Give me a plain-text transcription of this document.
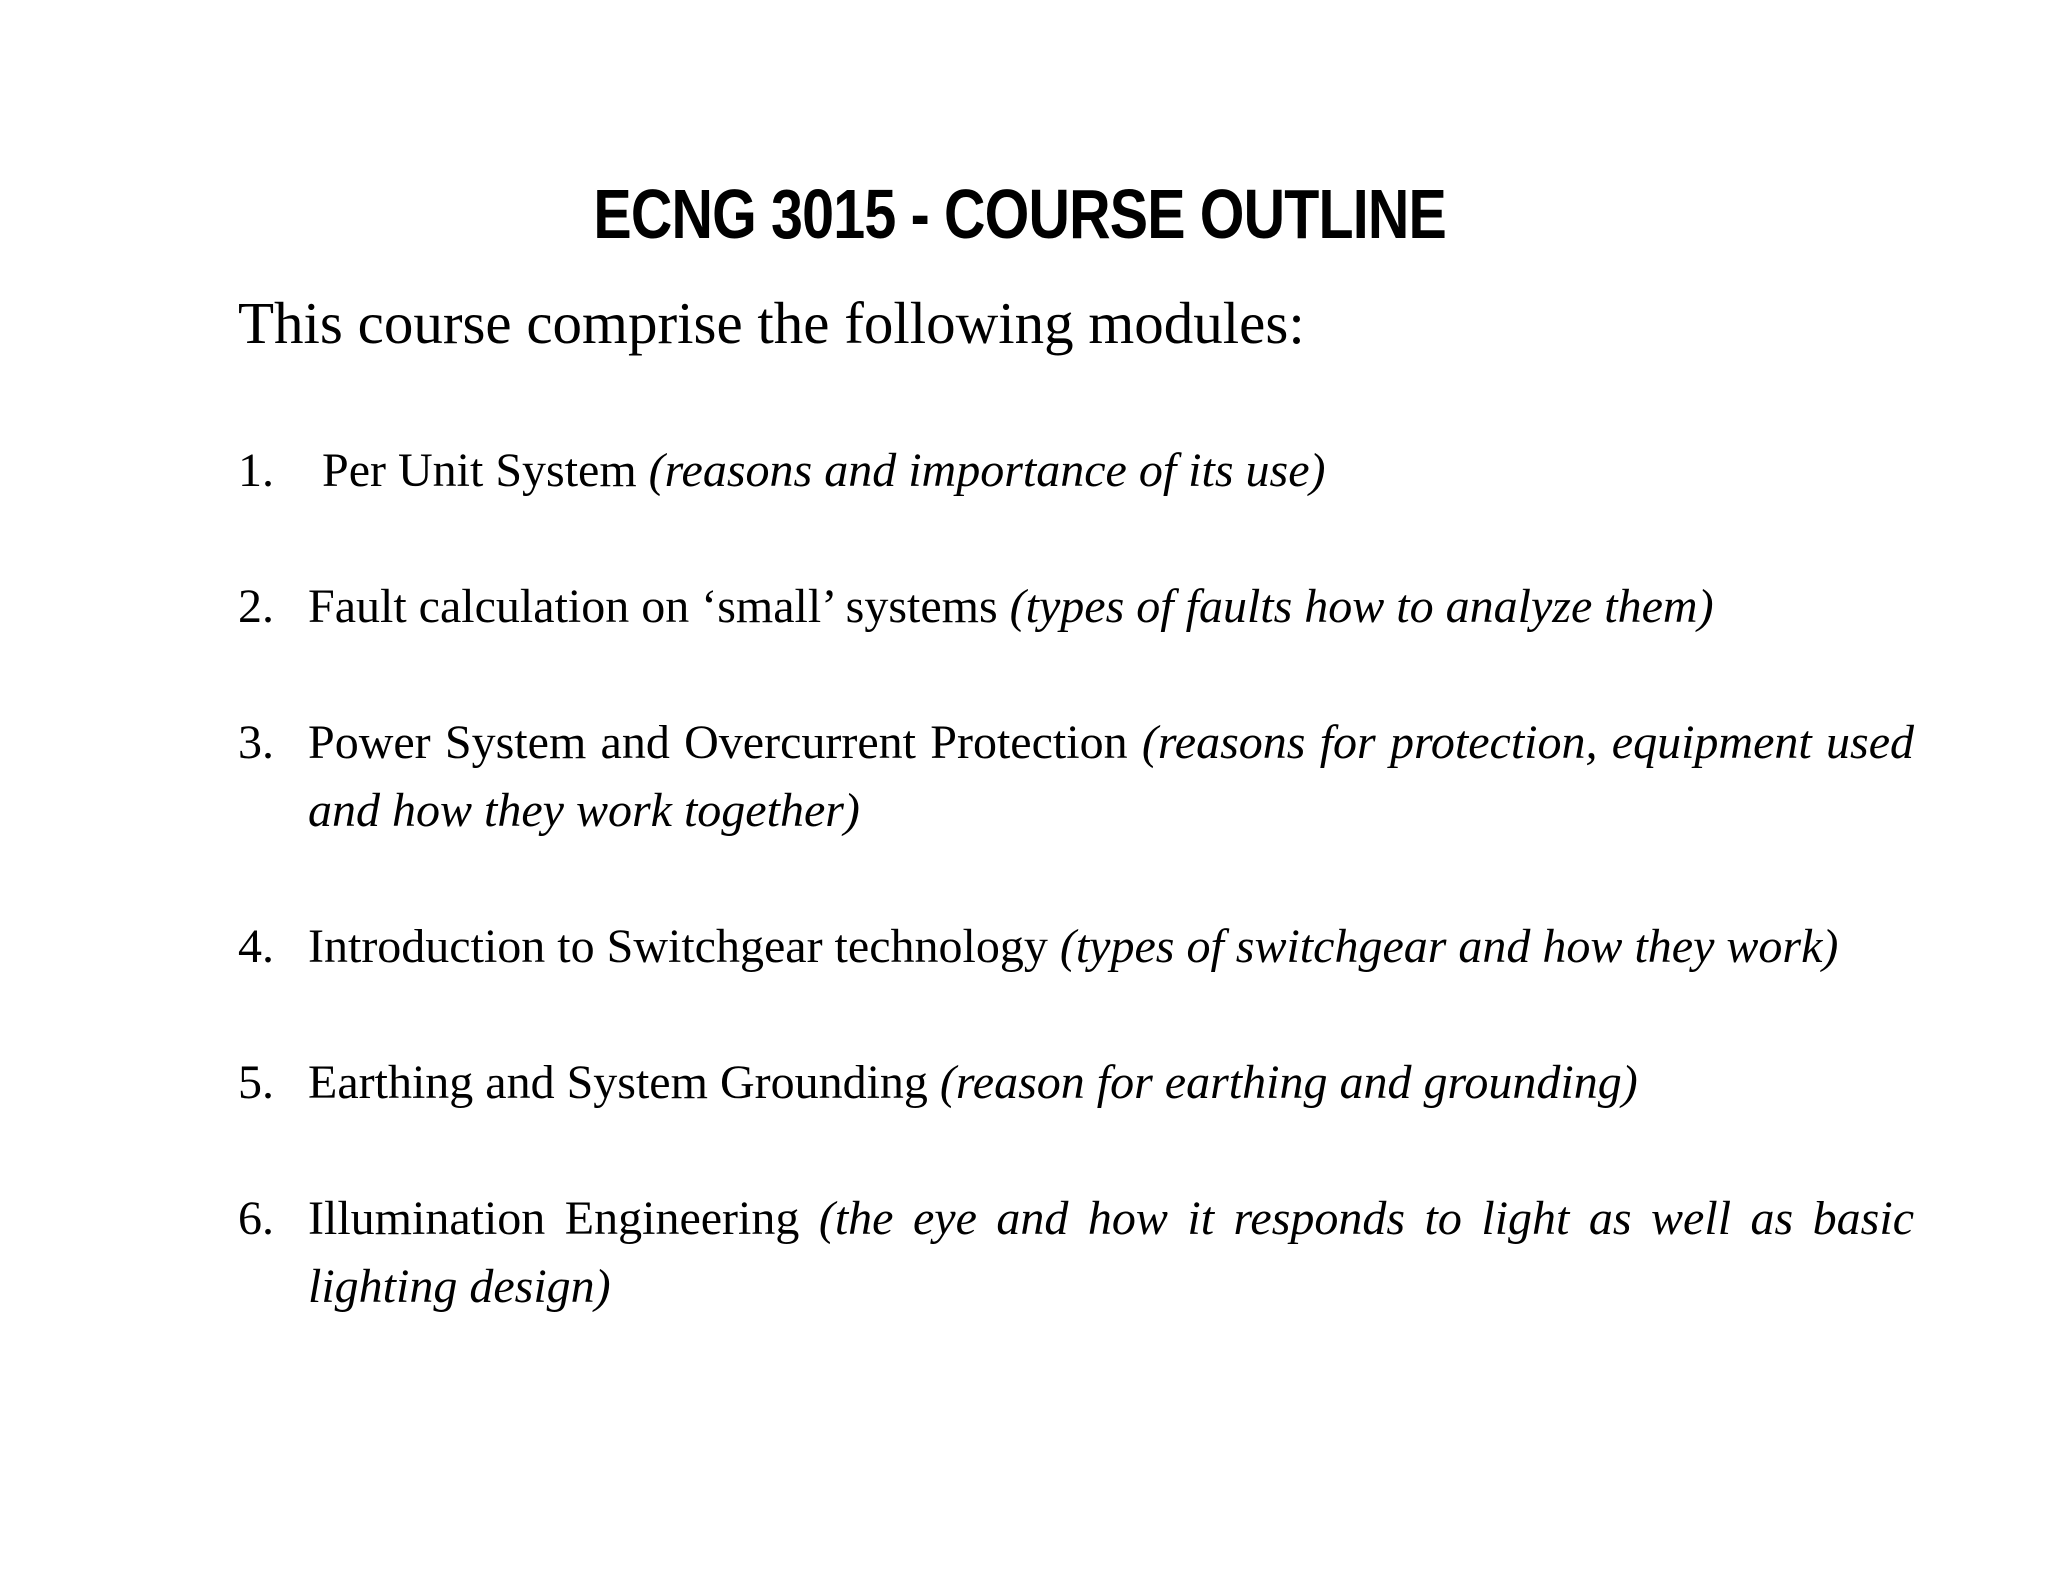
ECNG 3015 - COURSE OUTLINE

This course comprise the following modules:

1. Per Unit System (reasons and importance of its use)
2. Fault calculation on ‘small’ systems (types of faults how to analyze them)
3. Power System and Overcurrent Protection (reasons for protection, equipment used and how they work together)
4. Introduction to Switchgear technology (types of switchgear and how they work)
5. Earthing and System Grounding (reason for earthing and grounding)
6. Illumination Engineering (the eye and how it responds to light as well as basic lighting design)
